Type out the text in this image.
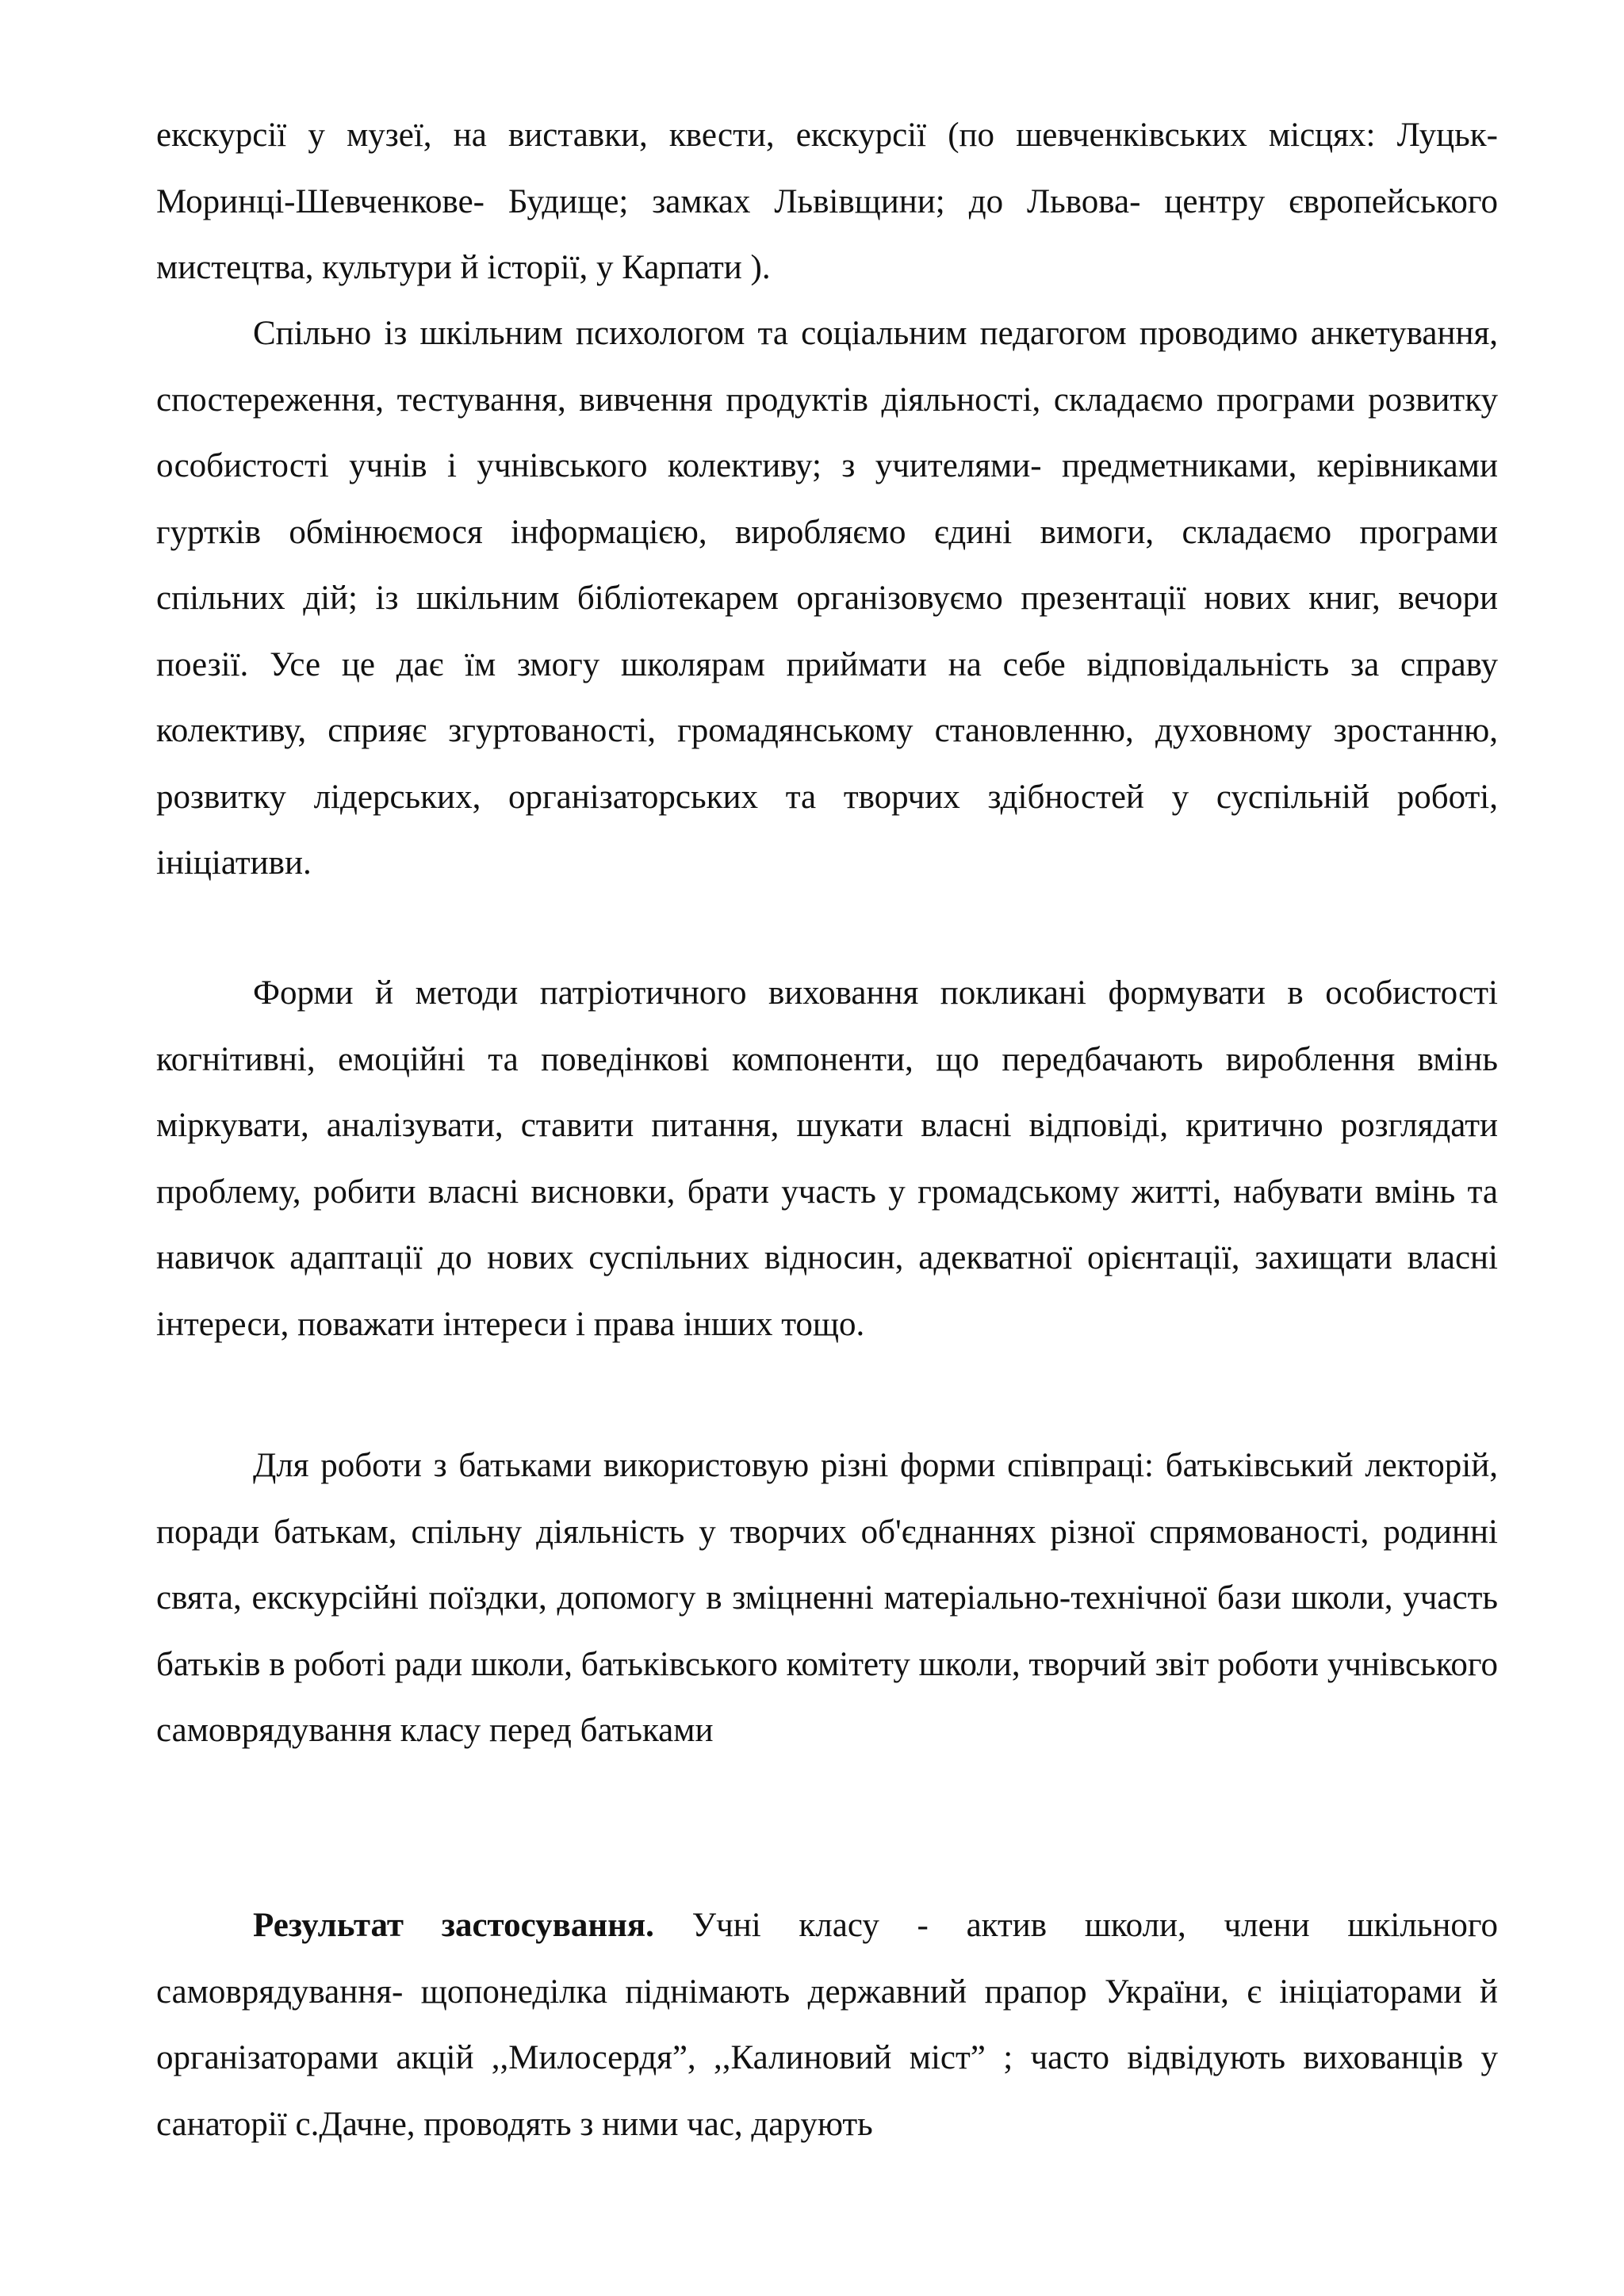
екскурсії у музеї, на виставки, квести, екскурсії (по шевченківських місцях: Луцьк-Моринці-Шевченкове- Будище; замках Львівщини; до Львова- центру європейського мистецтва, культури й історії, у Карпати ).

Спільно із шкільним психологом та соціальним педагогом проводимо анкетування, спостереження, тестування, вивчення продуктів діяльності, складаємо програми розвитку особистості учнів і учнівського колективу; з учителями- предметниками, керівниками гуртків обмінюємося інформацією, виробляємо єдині вимоги, складаємо програми спільних дій; із шкільним бібліотекарем організовуємо презентації нових книг, вечори поезії. Усе це дає їм змогу школярам приймати на себе відповідальність за справу колективу, сприяє згуртованості, громадянському становленню, духовному зростанню, розвитку лідерських, організаторських та творчих здібностей у суспільній роботі, ініціативи.

Форми й методи патріотичного виховання покликані формувати в особистості когнітивні, емоційні та поведінкові компоненти, що передбачають вироблення вмінь міркувати, аналізувати, ставити питання, шукати власні відповіді, критично розглядати проблему, робити власні висновки, брати участь у громадському житті, набувати вмінь та навичок адаптації до нових суспільних відносин, адекватної орієнтації, захищати власні інтереси, поважати інтереси і права інших тощо.

Для роботи з батьками використовую різні форми співпраці: батьківський лекторій, поради батькам, спільну діяльність у творчих об'єднаннях різної спрямованості, родинні свята, екскурсійні поїздки, допомогу в зміцненні матеріально-технічної бази школи, участь батьків в роботі ради школи, батьківського комітету школи, творчий звіт роботи учнівського самоврядування класу перед батьками

Результат застосування. Учні класу - актив школи, члени шкільного самоврядування- щопонеділка піднімають державний прапор України, є ініціаторами й організаторами акцій ,,Милосердя”, ,,Калиновий міст” ; часто відвідують вихованців у санаторії с.Дачне, проводять з ними час, дарують
